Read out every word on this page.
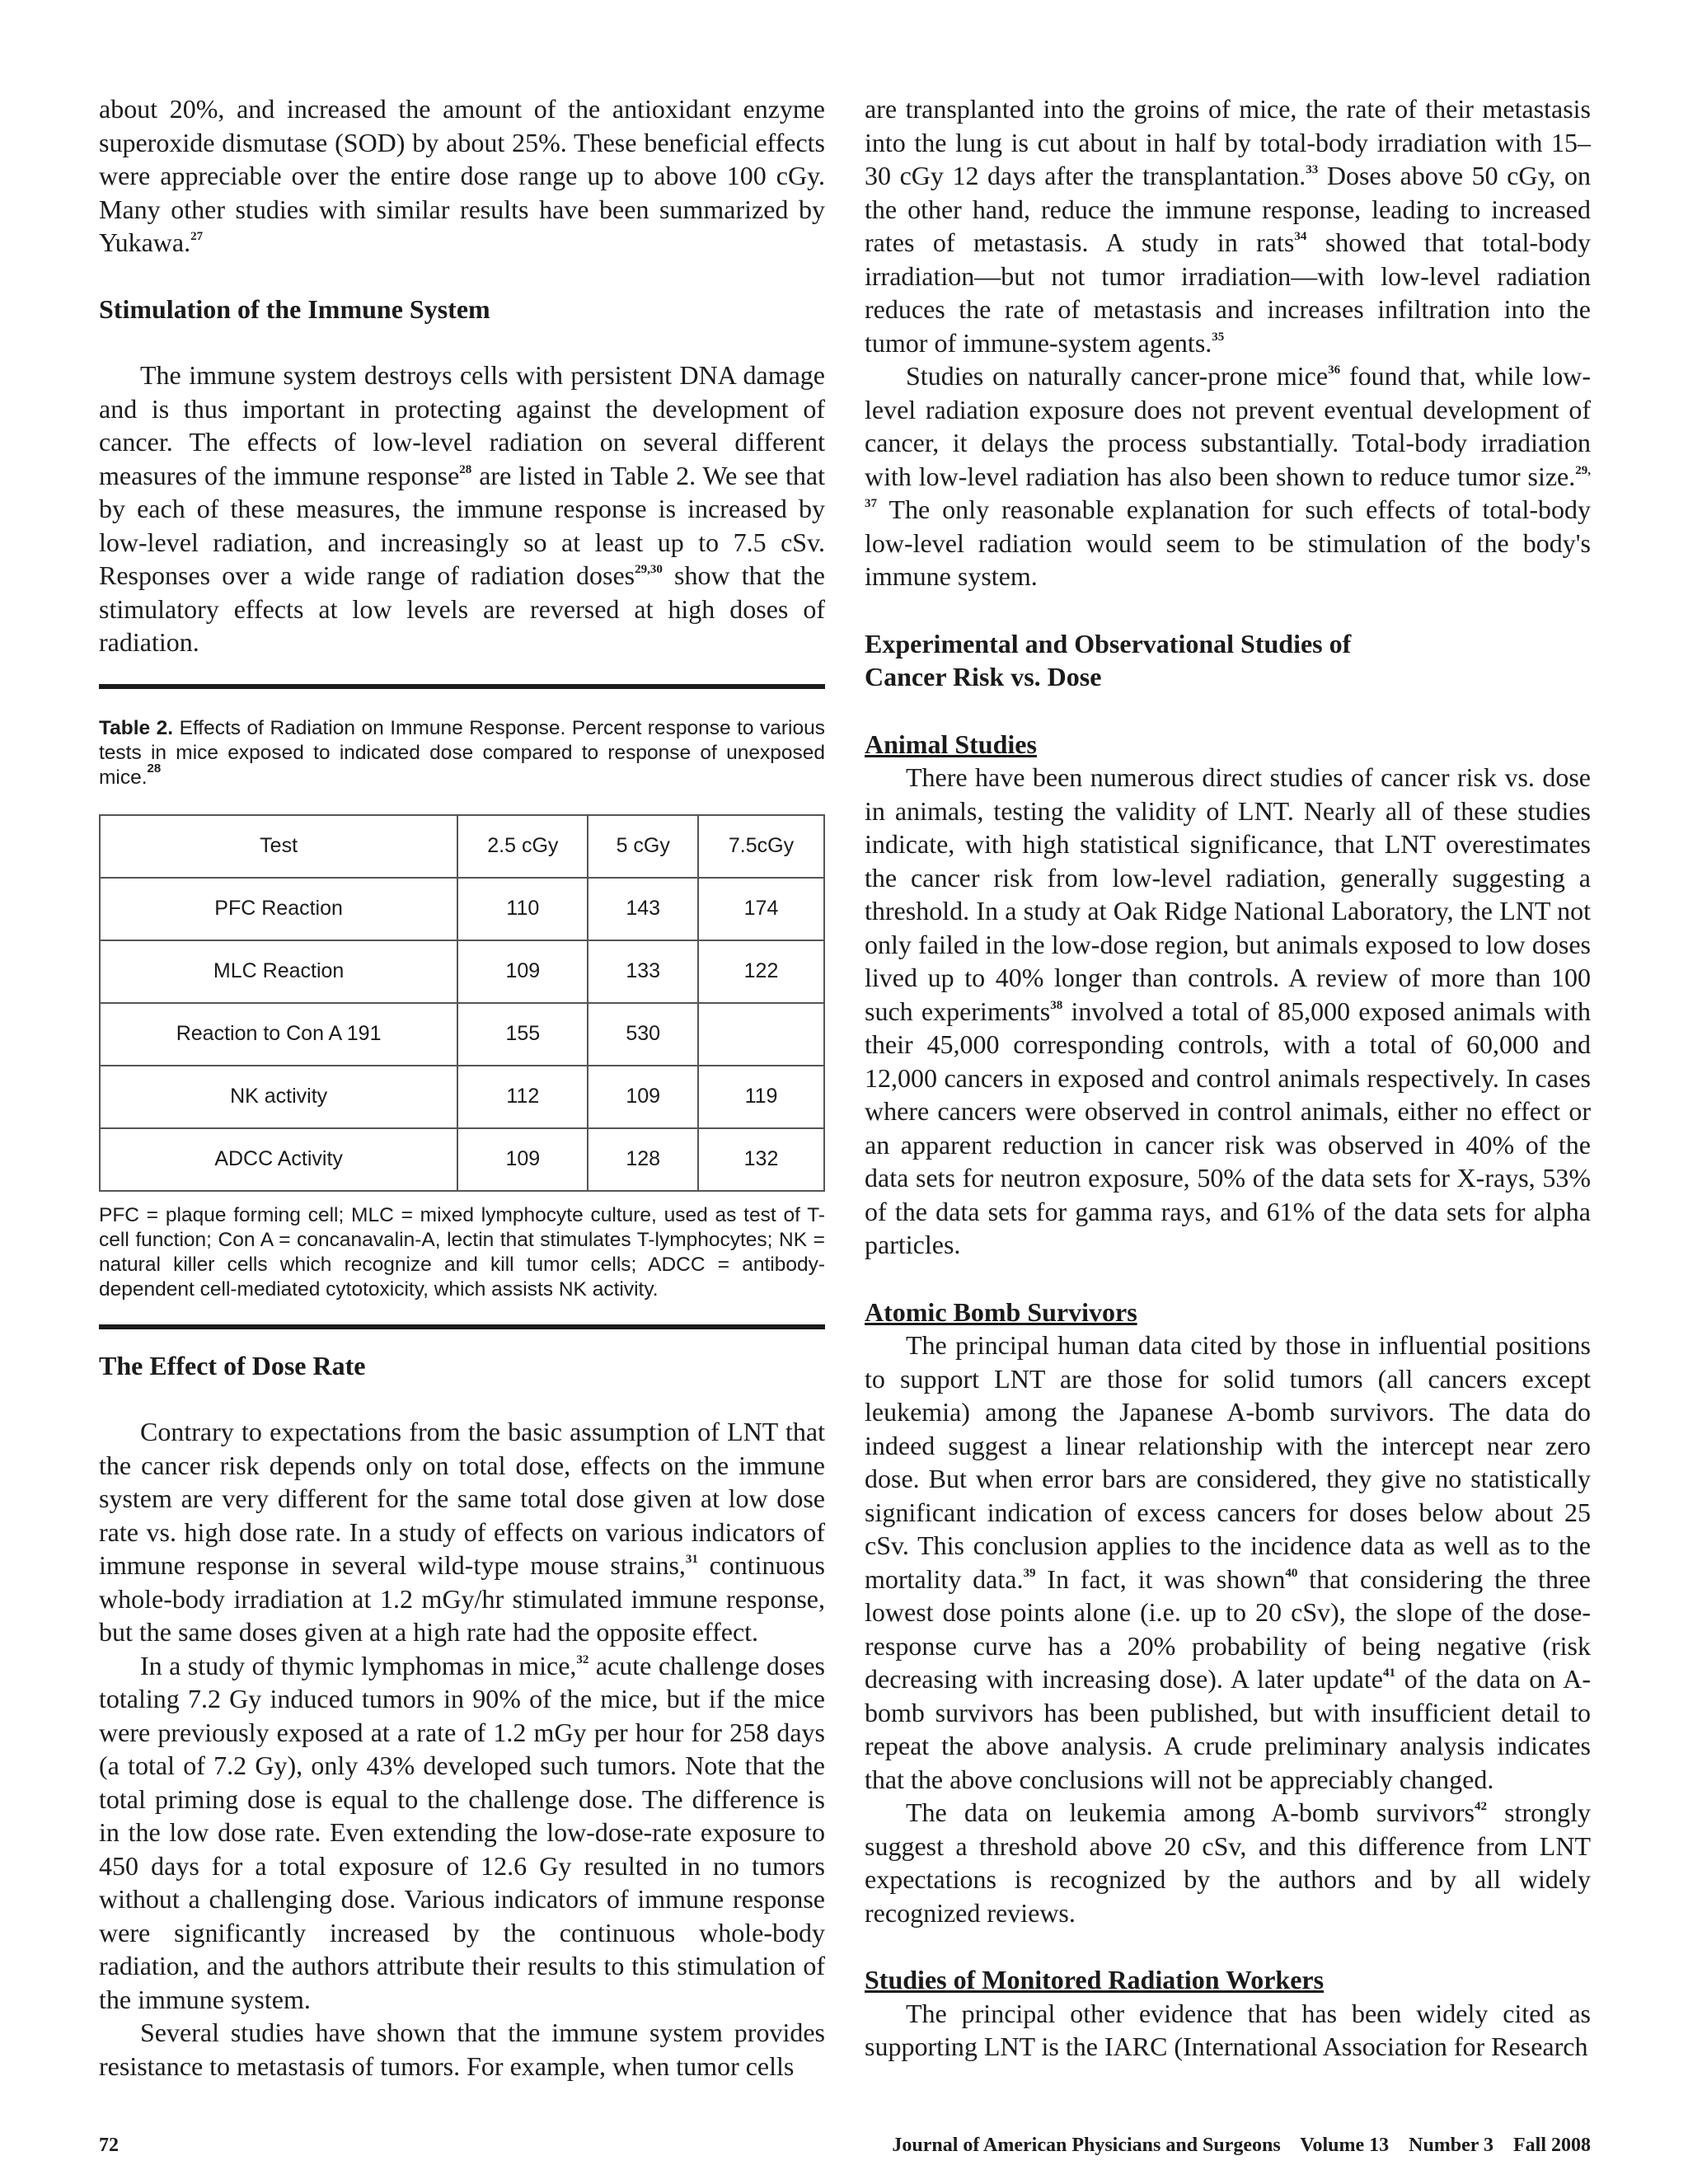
about 20%, and increased the amount of the antioxidant enzyme superoxide dismutase (SOD) by about 25%. These beneficial effects were appreciable over the entire dose range up to above 100 cGy. Many other studies with similar results have been summarized by Yukawa.$^{27}$

Stimulation of the Immune System

The immune system destroys cells with persistent DNA damage and is thus important in protecting against the development of cancer. The effects of low-level radiation on several different measures of the immune response$^{28}$ are listed in Table 2. We see that by each of these measures, the immune response is increased by low-level radiation, and increasingly so at least up to 7.5 cSv. Responses over a wide range of radiation doses$^{29,30}$ show that the stimulatory effects at low levels are reversed at high doses of radiation.

Table 2. Effects of Radiation on Immune Response. Percent response to various tests in mice exposed to indicated dose compared to response of unexposed mice.$^{28}$

Test	2.5 cGy	5 cGy	7.5cGy
PFC Reaction	110	143	174
MLC Reaction	109	133	122
Reaction to Con A 191	155	530	
NK activity	112	109	119
ADCC Activity	109	128	132

PFC = plaque forming cell; MLC = mixed lymphocyte culture, used as test of T-cell function; Con A = concanavalin-A, lectin that stimulates T-lymphocytes; NK = natural killer cells which recognize and kill tumor cells; ADCC = antibody-dependent cell-mediated cytotoxicity, which assists NK activity.

The Effect of Dose Rate

Contrary to expectations from the basic assumption of LNT that the cancer risk depends only on total dose, effects on the immune system are very different for the same total dose given at low dose rate vs. high dose rate. In a study of effects on various indicators of immune response in several wild-type mouse strains,$^{31}$ continuous whole-body irradiation at 1.2 mGy/hr stimulated immune response, but the same doses given at a high rate had the opposite effect.

In a study of thymic lymphomas in mice,$^{32}$ acute challenge doses totaling 7.2 Gy induced tumors in 90% of the mice, but if the mice were previously exposed at a rate of 1.2 mGy per hour for 258 days (a total of 7.2 Gy), only 43% developed such tumors. Note that the total priming dose is equal to the challenge dose. The difference is in the low dose rate. Even extending the low-dose-rate exposure to 450 days for a total exposure of 12.6 Gy resulted in no tumors without a challenging dose. Various indicators of immune response were significantly increased by the continuous whole-body radiation, and the authors attribute their results to this stimulation of the immune system.

Several studies have shown that the immune system provides resistance to metastasis of tumors. For example, when tumor cells

are transplanted into the groins of mice, the rate of their metastasis into the lung is cut about in half by total-body irradiation with 15–30 cGy 12 days after the transplantation.$^{33}$ Doses above 50 cGy, on the other hand, reduce the immune response, leading to increased rates of metastasis. A study in rats$^{34}$ showed that total-body irradiation—but not tumor irradiation—with low-level radiation reduces the rate of metastasis and increases infiltration into the tumor of immune-system agents.$^{35}$

Studies on naturally cancer-prone mice$^{36}$ found that, while low-level radiation exposure does not prevent eventual development of cancer, it delays the process substantially. Total-body irradiation with low-level radiation has also been shown to reduce tumor size.$^{29, 37}$ The only reasonable explanation for such effects of total-body low-level radiation would seem to be stimulation of the body's immune system.

Experimental and Observational Studies of
Cancer Risk vs. Dose

Animal Studies

There have been numerous direct studies of cancer risk vs. dose in animals, testing the validity of LNT. Nearly all of these studies indicate, with high statistical significance, that LNT overestimates the cancer risk from low-level radiation, generally suggesting a threshold. In a study at Oak Ridge National Laboratory, the LNT not only failed in the low-dose region, but animals exposed to low doses lived up to 40% longer than controls. A review of more than 100 such experiments$^{38}$ involved a total of 85,000 exposed animals with their 45,000 corresponding controls, with a total of 60,000 and 12,000 cancers in exposed and control animals respectively. In cases where cancers were observed in control animals, either no effect or an apparent reduction in cancer risk was observed in 40% of the data sets for neutron exposure, 50% of the data sets for X-rays, 53% of the data sets for gamma rays, and 61% of the data sets for alpha particles.

Atomic Bomb Survivors

The principal human data cited by those in influential positions to support LNT are those for solid tumors (all cancers except leukemia) among the Japanese A-bomb survivors. The data do indeed suggest a linear relationship with the intercept near zero dose. But when error bars are considered, they give no statistically significant indication of excess cancers for doses below about 25 cSv. This conclusion applies to the incidence data as well as to the mortality data.$^{39}$ In fact, it was shown$^{40}$ that considering the three lowest dose points alone (i.e. up to 20 cSv), the slope of the dose-response curve has a 20% probability of being negative (risk decreasing with increasing dose). A later update$^{41}$ of the data on A-bomb survivors has been published, but with insufficient detail to repeat the above analysis. A crude preliminary analysis indicates that the above conclusions will not be appreciably changed.

The data on leukemia among A-bomb survivors$^{42}$ strongly suggest a threshold above 20 cSv, and this difference from LNT expectations is recognized by the authors and by all widely recognized reviews.

Studies of Monitored Radiation Workers

The principal other evidence that has been widely cited as supporting LNT is the IARC (International Association for Research

72	Journal of American Physicians and Surgeons Volume 13 Number 3 Fall 2008
